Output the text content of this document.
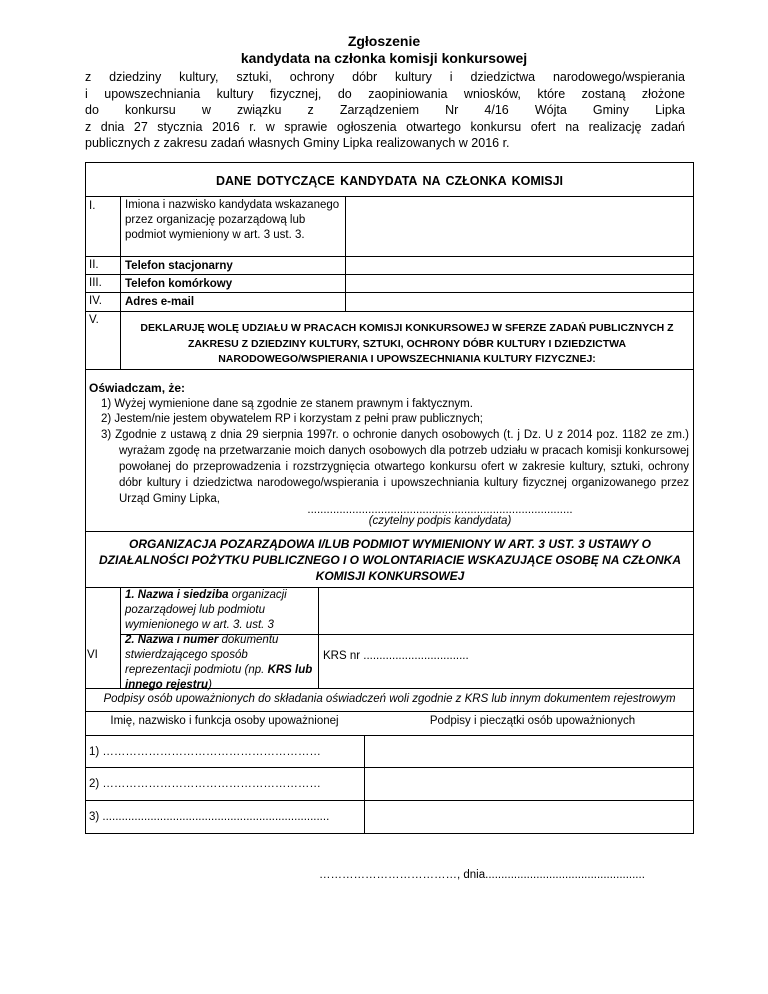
Zgłoszenie
kandydata na członka komisji konkursowej
z dziedziny kultury, sztuki, ochrony dóbr kultury i dziedzictwa narodowego/wspierania
i upowszechniania kultury fizycznej, do zaopiniowania wniosków, które zostaną złożone
do konkursu w związku z Zarządzeniem Nr 4/16 Wójta Gminy Lipka
z dnia 27 stycznia 2016 r. w sprawie ogłoszenia otwartego konkursu ofert na realizację zadań
publicznych z zakresu zadań własnych Gminy Lipka realizowanych w 2016 r.
DANE DOTYCZĄCE KANDYDATA NA CZŁONKA KOMISJI
I.
II.
III.
IV.
V.
Imiona i nazwisko kandydata wskazanego przez organizację pozarządową lub podmiot wymieniony w art. 3 ust. 3.
Telefon stacjonarny
Telefon komórkowy
Adres e-mail
DEKLARUJĘ WOLĘ UDZIAŁU W PRACACH KOMISJI KONKURSOWEJ W SFERZE ZADAŃ PUBLICZNYCH Z ZAKRESU Z DZIEDZINY KULTURY, SZTUKI, OCHRONY DÓBR KULTURY I DZIEDZICTWA NARODOWEGO/WSPIERANIA I UPOWSZECHNIANIA KULTURY FIZYCZNEJ:
Oświadczam, że:
1) Wyżej wymienione dane są zgodnie ze stanem prawnym i faktycznym.
2) Jestem/nie jestem obywatelem RP i korzystam z pełni praw publicznych;
3) Zgodnie z ustawą z dnia 29 sierpnia 1997r. o ochronie danych osobowych (t. j Dz. U z 2014 poz. 1182 ze zm.) wyrażam zgodę na przetwarzanie moich danych osobowych dla potrzeb udziału w pracach komisji konkursowej powołanej do przeprowadzenia i rozstrzygnięcia otwartego konkursu ofert w zakresie kultury, sztuki, ochrony dóbr kultury i dziedzictwa narodowego/wspierania i upowszechniania kultury fizycznej organizowanego przez Urząd Gminy Lipka,
...................................................................................
(czytelny podpis kandydata)
ORGANIZACJA POZARZĄDOWA I/LUB PODMIOT WYMIENIONY W ART. 3 UST. 3 USTAWY O DZIAŁALNOŚCI POŻYTKU PUBLICZNEGO I O WOLONTARIACIE WSKAZUJĄCE OSOBĘ NA CZŁONKA KOMISJI KONKURSOWEJ
VI
1. Nazwa i siedziba organizacji pozarządowej lub podmiotu wymienionego w art. 3. ust. 3
2. Nazwa i numer dokumentu stwierdzającego sposób reprezentacji podmiotu (np. KRS lub innego rejestru)
KRS nr .................................
Podpisy osób upoważnionych do składania oświadczeń woli zgodnie z KRS lub innym dokumentem rejestrowym
Imię, nazwisko i funkcja osoby upoważnionej	Podpisy i pieczątki osób upoważnionych
1) …………………………………………………
2) …………………………………………………
3) .......................................................................
………………………………, dnia..................................................
